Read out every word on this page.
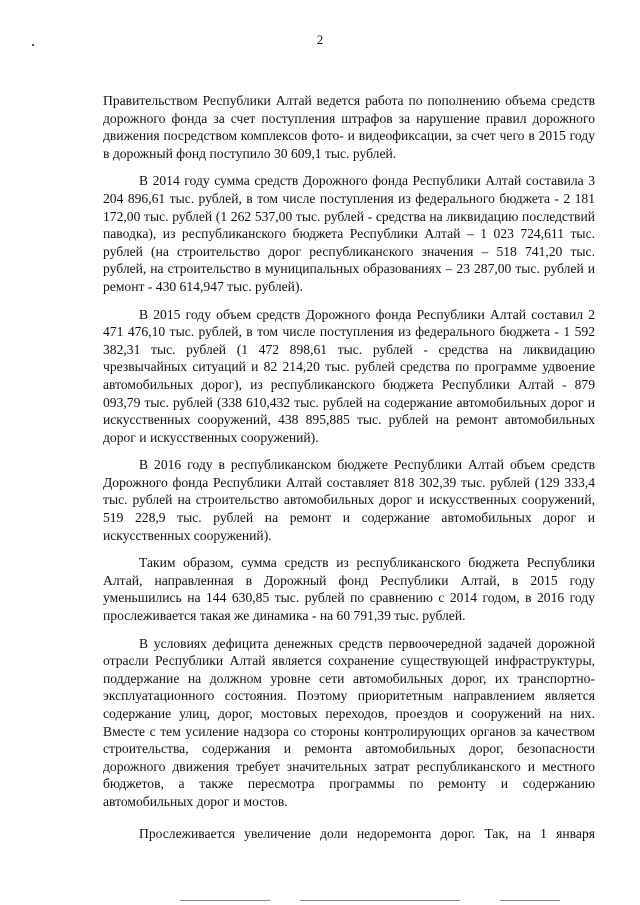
2

Правительством Республики Алтай ведется работа по пополнению объема средств дорожного фонда за счет поступления штрафов за нарушение правил дорожного движения посредством комплексов фото- и видеофиксации, за счет чего в 2015 году в дорожный фонд поступило 30 609,1 тыс. рублей.

В 2014 году сумма средств Дорожного фонда Республики Алтай составила 3 204 896,61 тыс. рублей, в том числе поступления из федерального бюджета - 2 181 172,00 тыс. рублей (1 262 537,00 тыс. рублей - средства на ликвидацию последствий паводка), из республиканского бюджета Республики Алтай – 1 023 724,611 тыс. рублей (на строительство дорог республиканского значения – 518 741,20 тыс. рублей, на строительство в муниципальных образованиях – 23 287,00 тыс. рублей и ремонт - 430 614,947 тыс. рублей).

В 2015 году объем средств Дорожного фонда Республики Алтай составил 2 471 476,10 тыс. рублей, в том числе поступления из федерального бюджета - 1 592 382,31 тыс. рублей (1 472 898,61 тыс. рублей - средства на ликвидацию чрезвычайных ситуаций и 82 214,20 тыс. рублей средства по программе удвоение автомобильных дорог), из республиканского бюджета Республики Алтай - 879 093,79 тыс. рублей (338 610,432 тыс. рублей на содержание автомобильных дорог и искусственных сооружений, 438 895,885 тыс. рублей на ремонт автомобильных дорог и искусственных сооружений).

В 2016 году в республиканском бюджете Республики Алтай объем средств Дорожного фонда Республики Алтай составляет 818 302,39 тыс. рублей (129 333,4 тыс. рублей на строительство автомобильных дорог и искусственных сооружений, 519 228,9 тыс. рублей на ремонт и содержание автомобильных дорог и искусственных сооружений).

Таким образом, сумма средств из республиканского бюджета Республики Алтай, направленная в Дорожный фонд Республики Алтай, в 2015 году уменьшились на 144 630,85 тыс. рублей по сравнению с 2014 годом, в 2016 году прослеживается такая же динамика - на 60 791,39 тыс. рублей.

В условиях дефицита денежных средств первоочередной задачей дорожной отрасли Республики Алтай является сохранение существующей инфраструктуры, поддержание на должном уровне сети автомобильных дорог, их транспортно-эксплуатационного состояния. Поэтому приоритетным направлением является содержание улиц, дорог, мостовых переходов, проездов и сооружений на них. Вместе с тем усиление надзора со стороны контролирующих органов за качеством строительства, содержания и ремонта автомобильных дорог, безопасности дорожного движения требует значительных затрат республиканского и местного бюджетов, а также пересмотра программы по ремонту и содержанию автомобильных дорог и мостов.

Прослеживается увеличение доли недоремонта дорог. Так, на 1 января
